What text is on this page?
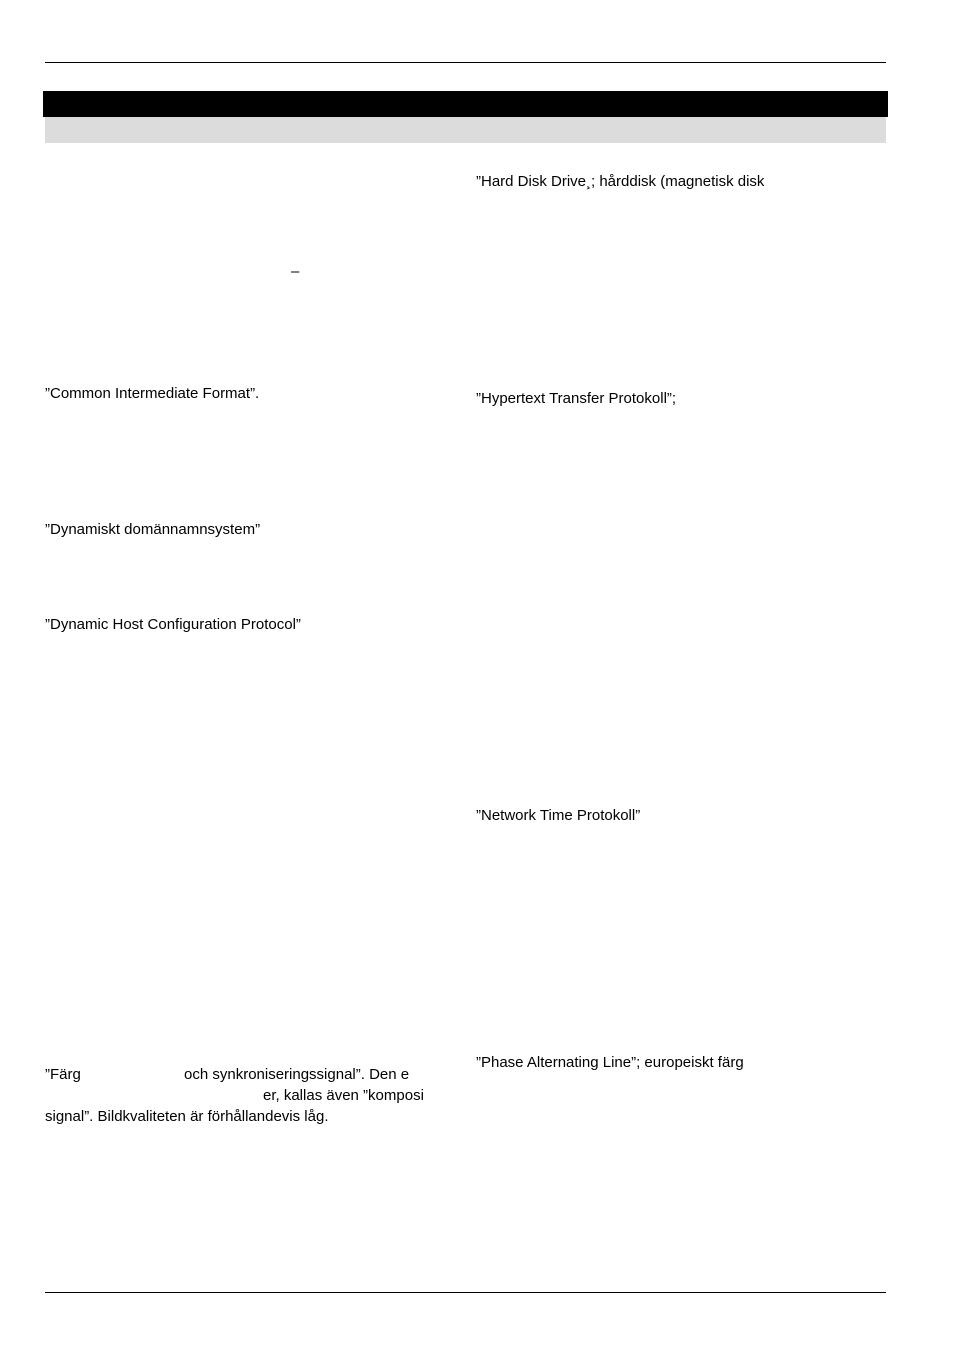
–
”Common Intermediate Format”.
”Dynamiskt domännamnsystem”
”Dynamic Host Configuration Protocol”
”Färg	och synkroniseringssignal”. Den e
er, kallas även ”komposi
signal”. Bildkvaliteten är förhållandevis låg.
”Hard Disk Drive¸; hårddisk (magnetisk disk
”Hypertext Transfer Protokoll”;
”Network Time Protokoll”
”Phase Alternating Line”; europeiskt färg
